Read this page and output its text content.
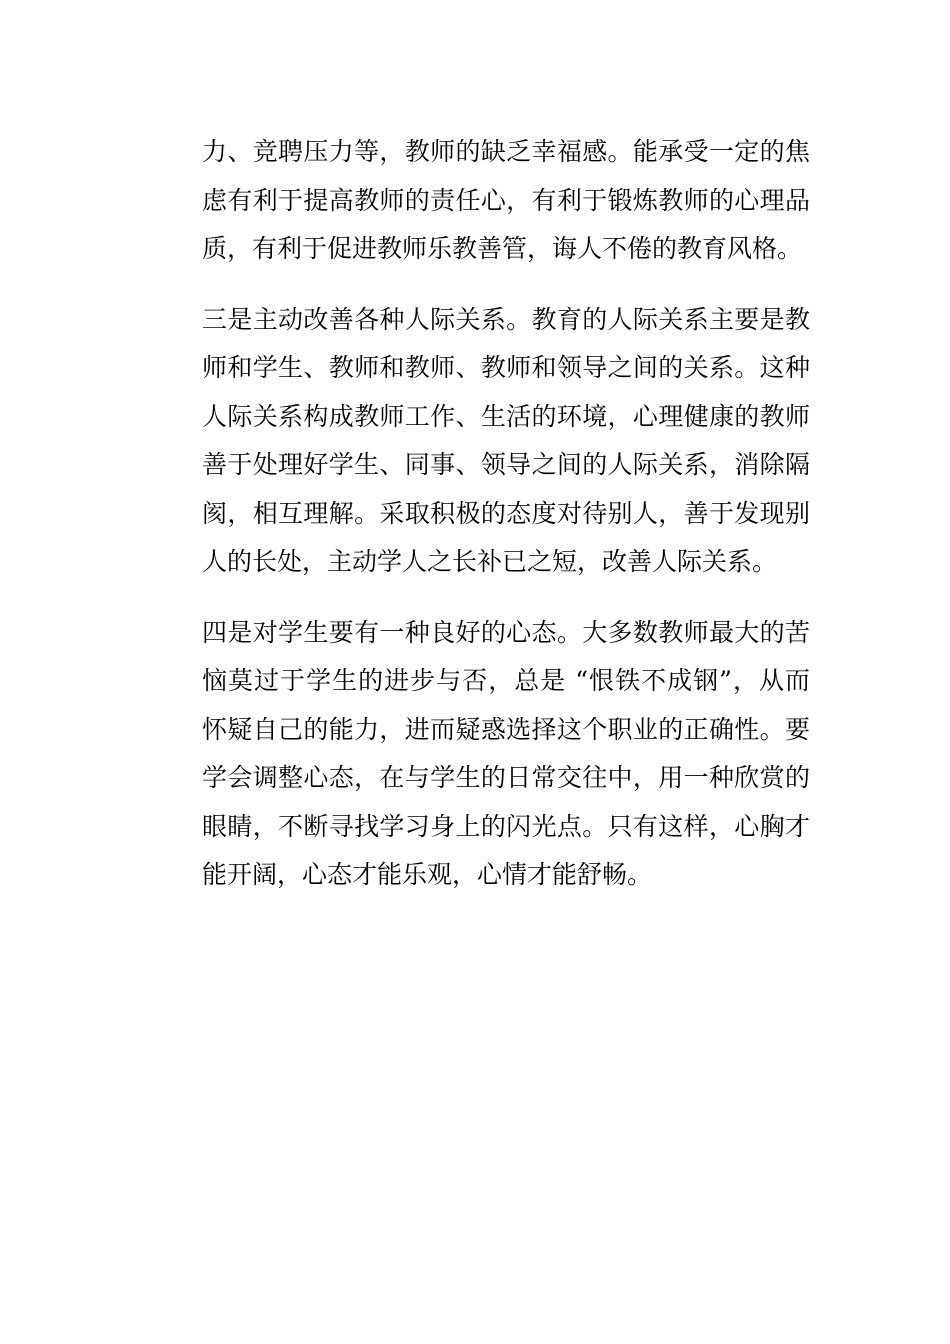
力、竞聘压力等，教师的缺乏幸福感。能承受一定的焦
虑有利于提高教师的责任心，有利于锻炼教师的心理品
质，有利于促进教师乐教善管，诲人不倦的教育风格。

三是主动改善各种人际关系。教育的人际关系主要是教
师和学生、教师和教师、教师和领导之间的关系。这种
人际关系构成教师工作、生活的环境，心理健康的教师
善于处理好学生、同事、领导之间的人际关系，消除隔
阂，相互理解。采取积极的态度对待别人，善于发现别
人的长处，主动学人之长补已之短，改善人际关系。

四是对学生要有一种良好的心态。大多数教师最大的苦
恼莫过于学生的进步与否，总是 “恨铁不成钢”，从而
怀疑自己的能力，进而疑惑选择这个职业的正确性。要
学会调整心态，在与学生的日常交往中，用一种欣赏的
眼睛，不断寻找学习身上的闪光点。只有这样，心胸才
能开阔，心态才能乐观，心情才能舒畅。
